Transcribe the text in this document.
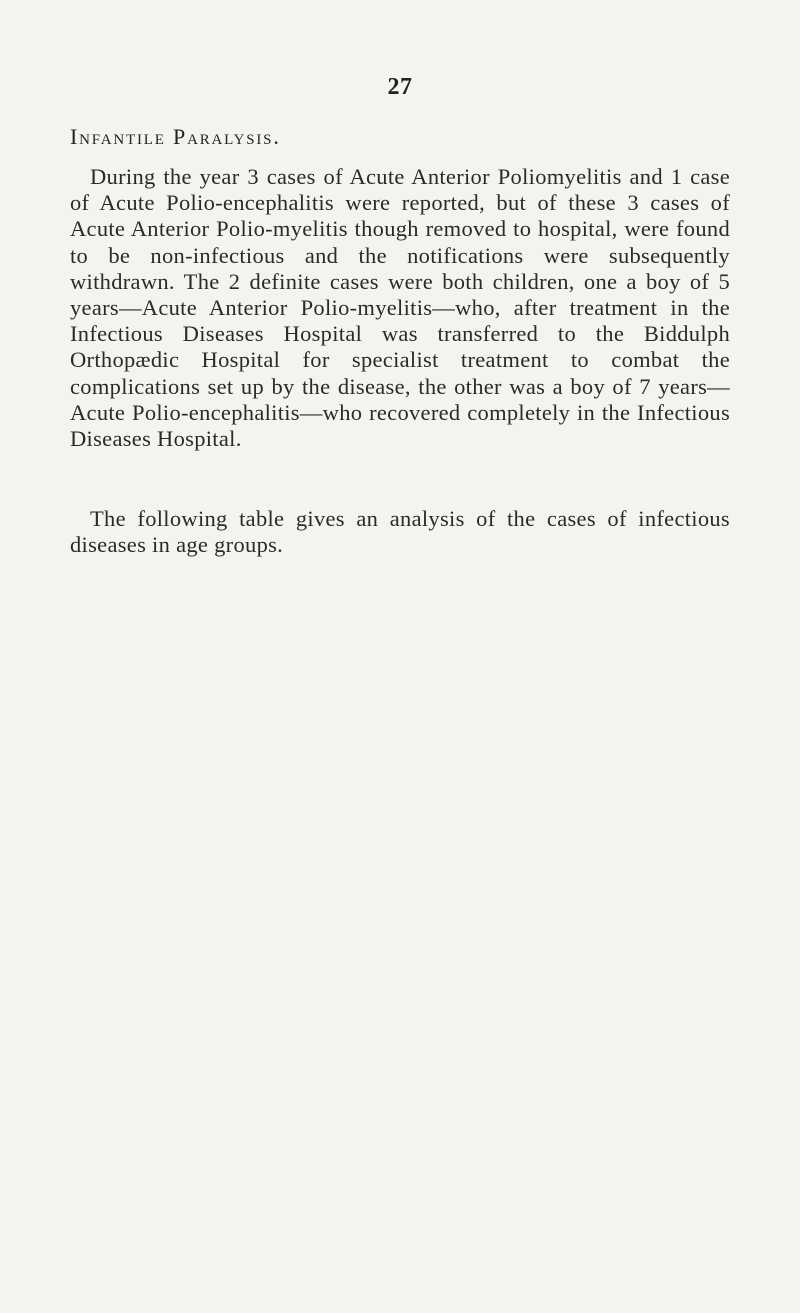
27
Infantile Paralysis.

During the year 3 cases of Acute Anterior Poliomyelitis and 1 case of Acute Polio-encephalitis were reported, but of these 3 cases of Acute Anterior Polio-myelitis though removed to hospital, were found to be non-infectious and the notifications were subsequently withdrawn. The 2 definite cases were both children, one a boy of 5 years—Acute Anterior Polio-myelitis—who, after treatment in the Infectious Diseases Hospital was transferred to the Biddulph Orthopædic Hospital for specialist treatment to combat the complications set up by the disease, the other was a boy of 7 years—Acute Polio-encephalitis—who recovered completely in the Infectious Diseases Hospital.

The following table gives an analysis of the cases of infectious diseases in age groups.
